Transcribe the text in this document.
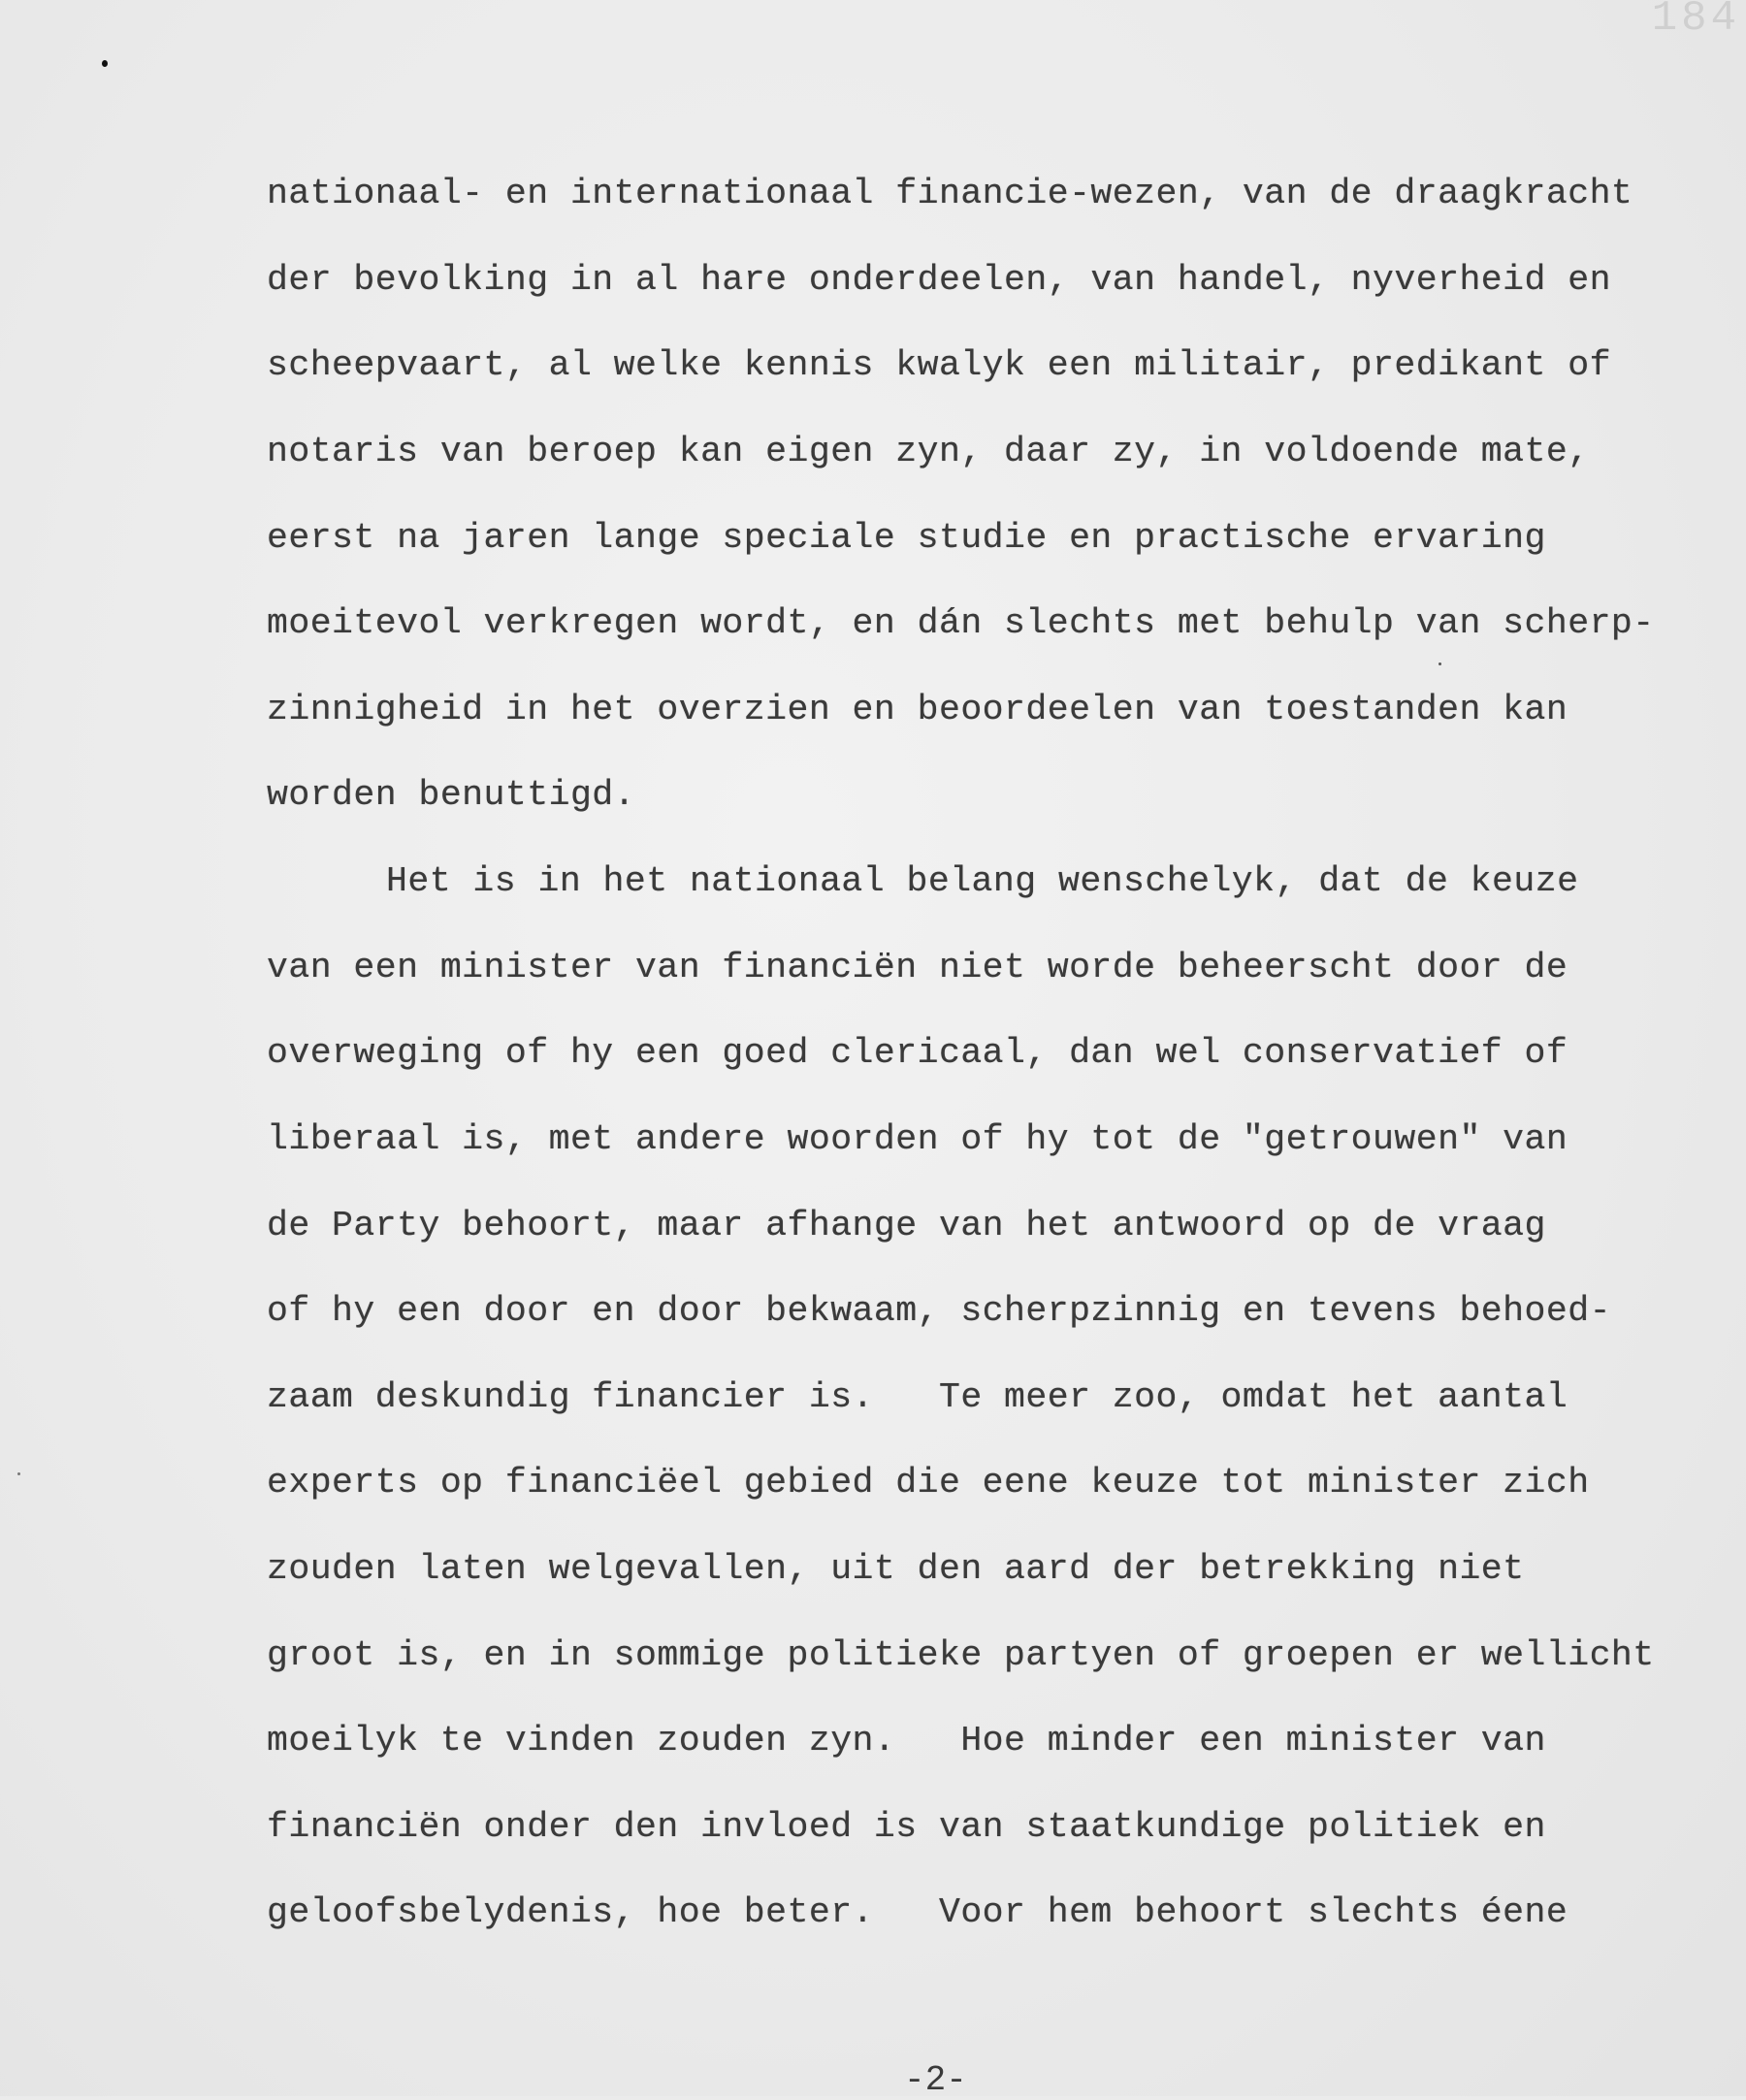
184
nationaal- en internationaal financie-wezen, van de draagkracht
der bevolking in al hare onderdeelen, van handel, nyverheid en
scheepvaart, al welke kennis kwalyk een militair, predikant of
notaris van beroep kan eigen zyn, daar zy, in voldoende mate,
eerst na jaren lange speciale studie en practische ervaring
moeitevol verkregen wordt, en dán slechts met behulp van scherp-
zinnigheid in het overzien en beoordeelen van toestanden kan
worden benuttigd.
Het is in het nationaal belang wenschelyk, dat de keuze
van een minister van financiën niet worde beheerscht door de
overweging of hy een goed clericaal, dan wel conservatief of
liberaal is, met andere woorden of hy tot de "getrouwen" van
de Party behoort, maar afhange van het antwoord op de vraag
of hy een door en door bekwaam, scherpzinnig en tevens behoed-
zaam deskundig financier is.   Te meer zoo, omdat het aantal
experts op financiëel gebied die eene keuze tot minister zich
zouden laten welgevallen, uit den aard der betrekking niet
groot is, en in sommige politieke partyen of groepen er wellicht
moeilyk te vinden zouden zyn.   Hoe minder een minister van
financiën onder den invloed is van staatkundige politiek en
geloofsbelydenis, hoe beter.   Voor hem behoort slechts éene
-2-
